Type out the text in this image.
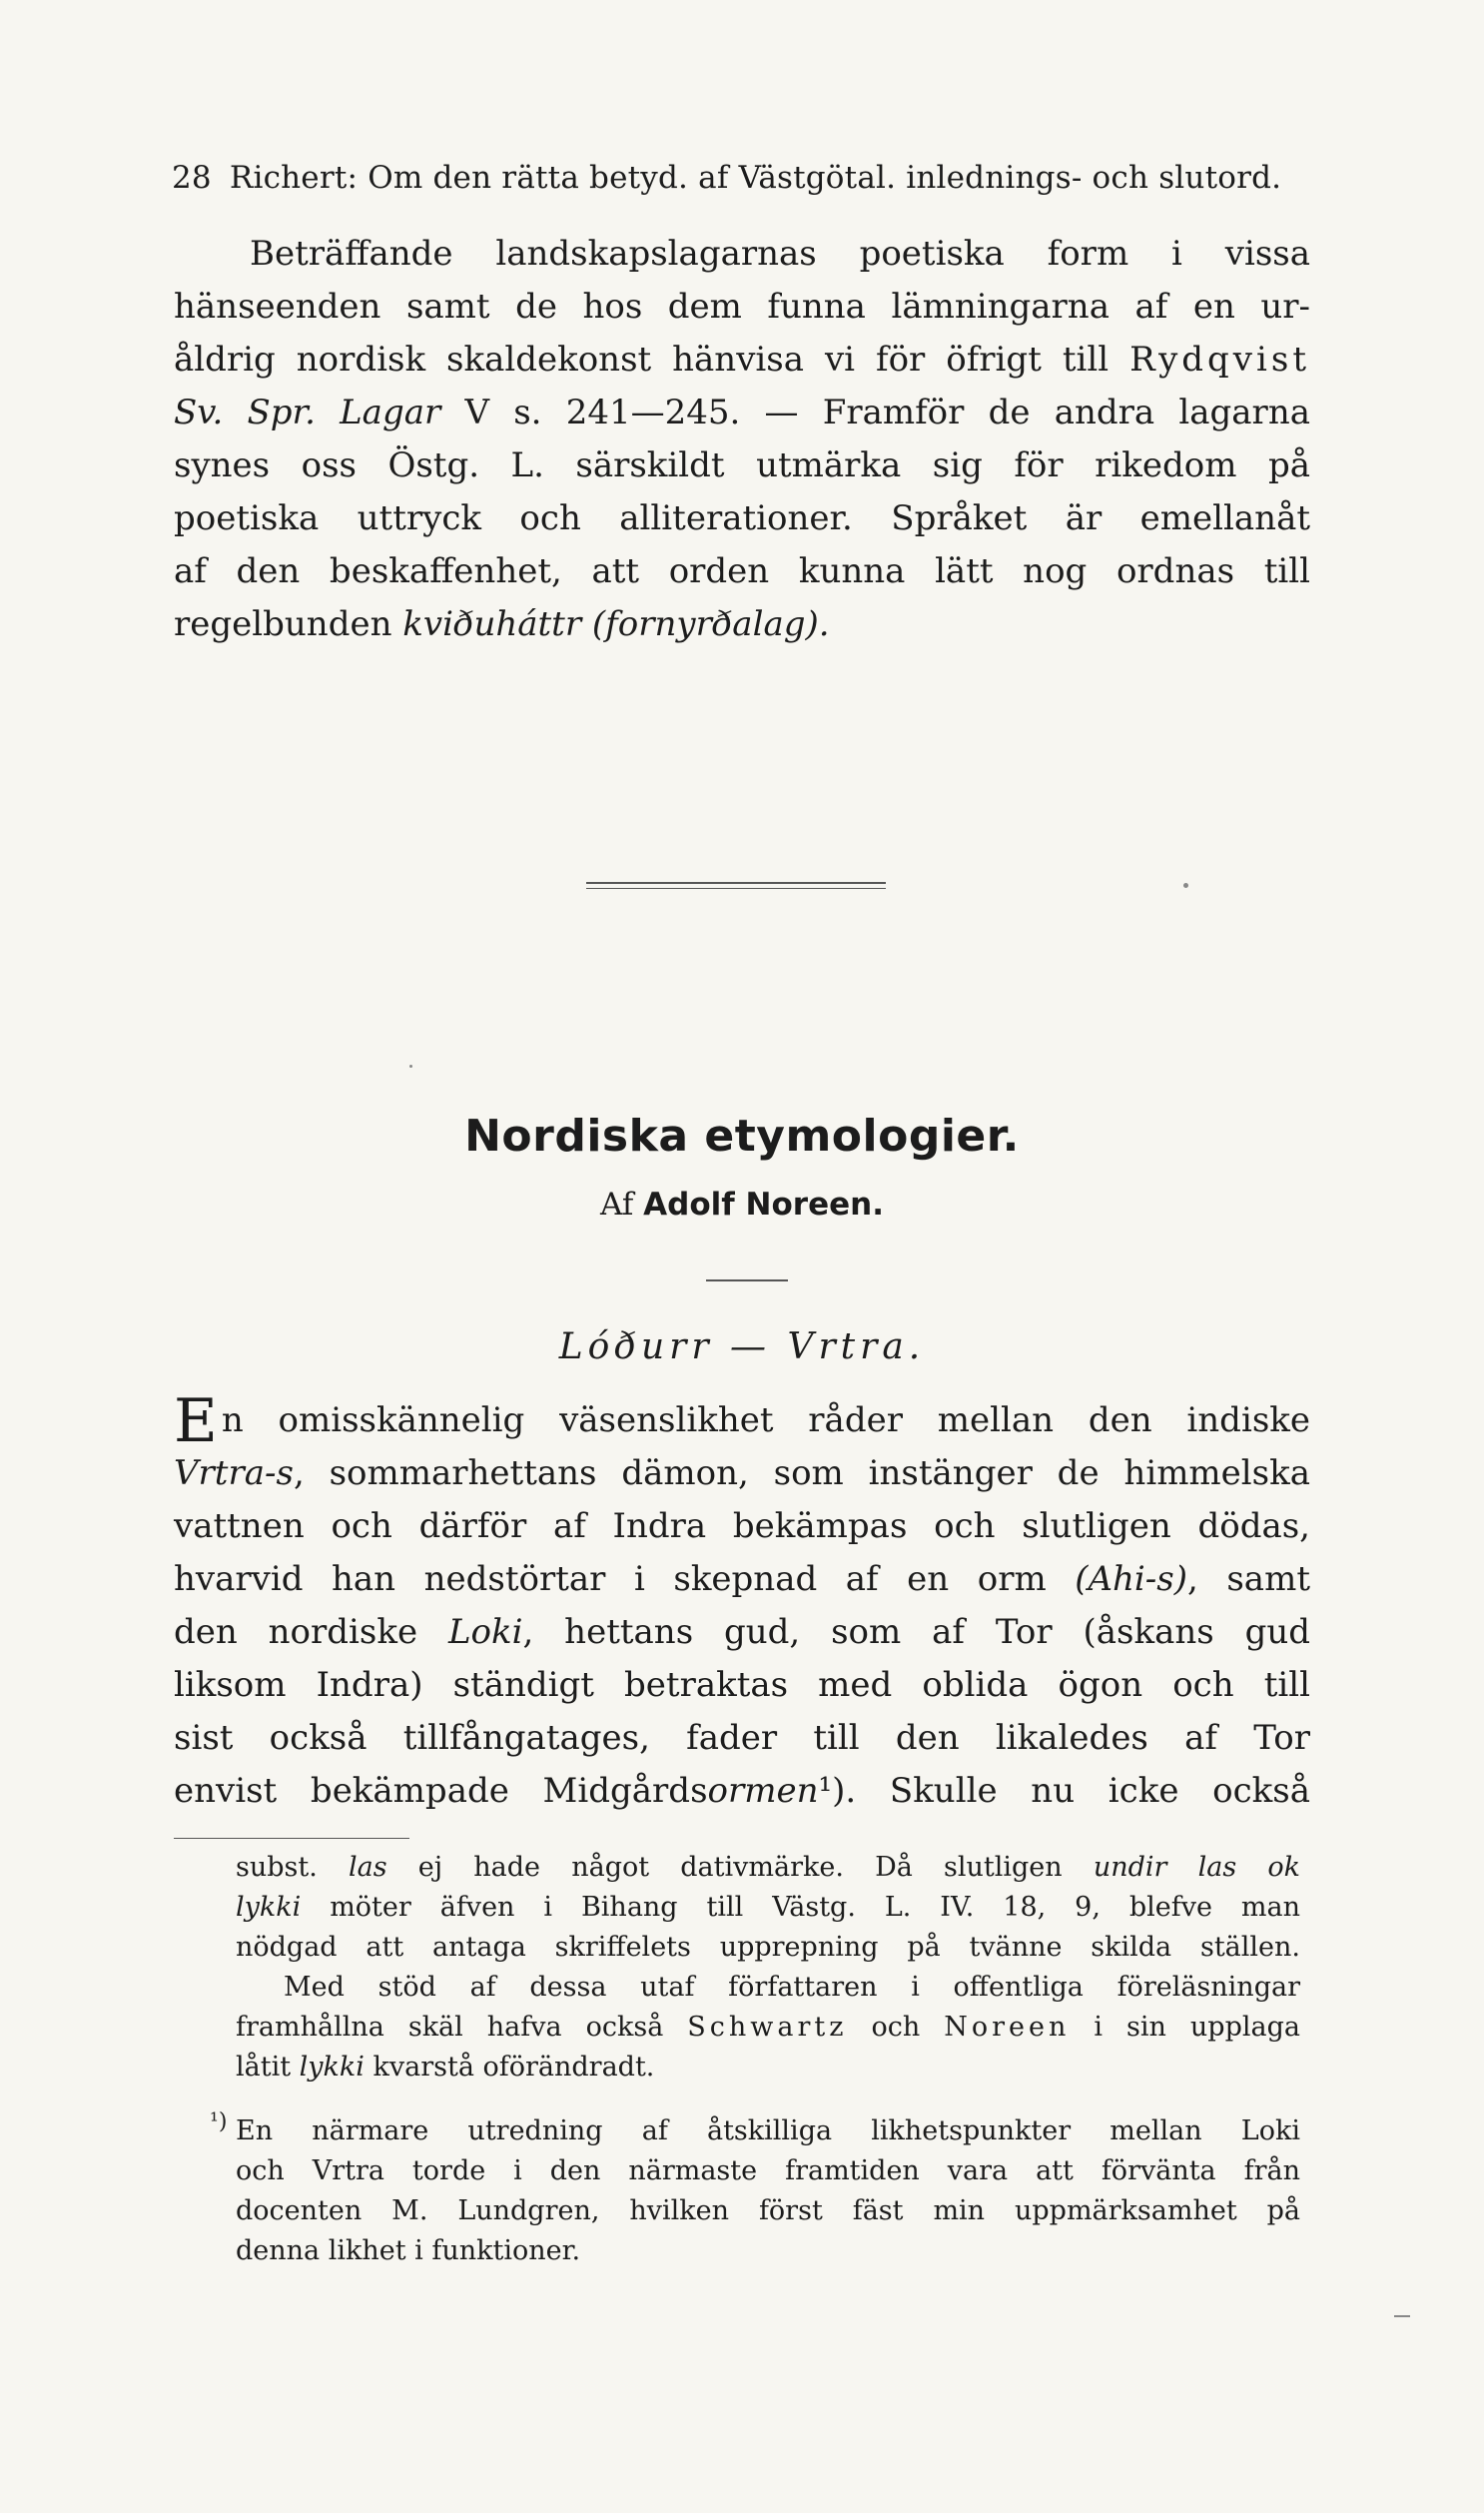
28 Richert: Om den rätta betyd. af Västgötal. inlednings- och slutord.
Beträffande landskapslagarnas poetiska form i vissa
hänseenden samt de hos dem funna lämningarna af en ur-
åldrig nordisk skaldekonst hänvisa vi för öfrigt till Rydqvist
Sv. Spr. Lagar V s. 241—245. — Framför de andra lagarna
synes oss Östg. L. särskildt utmärka sig för rikedom på
poetiska uttryck och alliterationer. Språket är emellanåt
af den beskaffenhet, att orden kunna lätt nog ordnas till
regelbunden kviðuháttr (fornyrðalag).
Nordiska etymologier.
Af Adolf Noreen.
Lóðurr — Vrtra.
En omisskännelig väsenslikhet råder mellan den indiske
Vrtra-s, sommarhettans dämon, som instänger de himmelska
vattnen och därför af Indra bekämpas och slutligen dödas,
hvarvid han nedstörtar i skepnad af en orm (Ahi-s), samt
den nordiske Loki, hettans gud, som af Tor (åskans gud
liksom Indra) ständigt betraktas med oblida ögon och till
sist också tillfångatages, fader till den likaledes af Tor
envist bekämpade Midgårdsormen¹). Skulle nu icke också
subst. las ej hade något dativmärke. Då slutligen undir las ok
lykki möter äfven i Bihang till Västg. L. IV. 18, 9, blefve man
nödgad att antaga skriffelets upprepning på tvänne skilda ställen.
Med stöd af dessa utaf författaren i offentliga föreläsningar
framhållna skäl hafva också Schwartz och Noreen i sin upplaga
låtit lykki kvarstå oförändradt.
¹) En närmare utredning af åtskilliga likhetspunkter mellan Loki
och Vrtra torde i den närmaste framtiden vara att förvänta från
docenten M. Lundgren, hvilken först fäst min uppmärksamhet på
denna likhet i funktioner.
